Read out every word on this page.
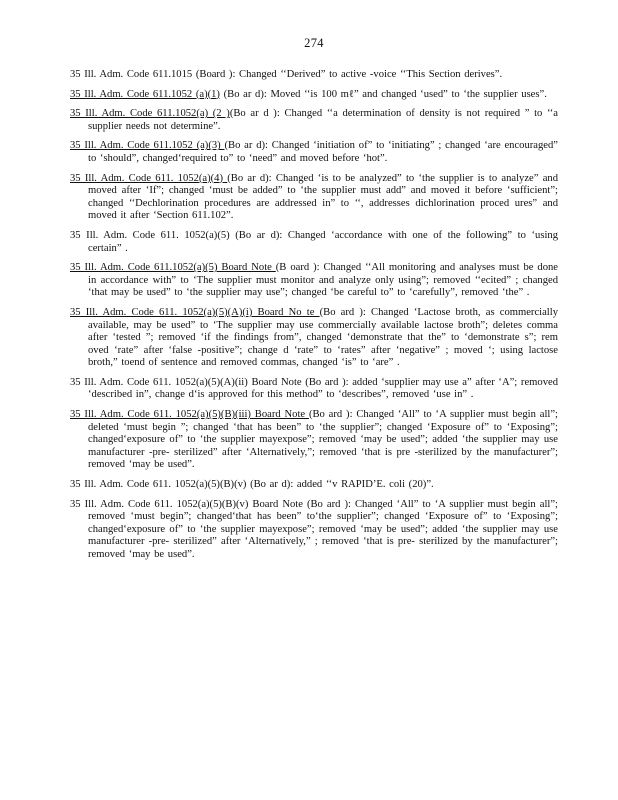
274
35 Ill. Adm. Code 611.1015 (Board ): Changed ‘‘Derived” to active -voice ‘‘This Section derives”.
35 Ill. Adm. Code 611.1052 (a)(1) (Bo ar d): Moved ‘‘is 100 mℓ” and changed ‘used” to ‘the supplier uses”.
35 Ill. Adm. Code 611.1052(a) (2 )(Bo ar d ): Changed ‘‘a determination of density is not required ” to ‘‘a supplier needs not determine”.
35 Ill. Adm. Code 611.1052 (a)(3) (Bo ar d): Changed ‘initiation of” to ‘initiating” ; changed ‘are encouraged” to ‘should”, changed‘required to” to ‘need” and moved before ‘hot”.
35 Ill. Adm. Code 611. 1052(a)(4) (Bo ar d): Changed ‘is to be analyzed” to ‘the supplier is to analyze” and moved after ‘If”; changed ‘must be added” to ‘the supplier must add” and moved it before ‘sufficient”; changed ‘‘Dechlorination procedures are addressed in” to ‘‘, addresses dichlorination proced ures” and moved it after ‘Section 611.102”.
35 Ill. Adm. Code 611. 1052(a)(5) (Bo ar d): Changed ‘accordance with one of the following” to ‘using certain” .
35 Ill. Adm. Code 611.1052(a)(5) Board Note (B oard ): Changed ‘‘All monitoring and analyses must be done in accordance with” to ‘The supplier must monitor and analyze only using”; removed ‘‘ecited” ; changed ‘that may be used” to ‘the supplier may use”; changed ‘be careful to” to ‘carefully”, removed ‘the” .
35 Ill. Adm. Code 611. 1052(a)(5)(A)(i) Board No te (Bo ard ): Changed ‘Lactose broth, as commercially available, may be used” to ‘The supplier may use commercially available lactose broth”; deletes comma after ‘tested ”; removed ‘if the findings from”, changed ‘demonstrate that the” to ‘demonstrate s”; rem oved ‘rate” after ‘false -positive”; change d ‘rate” to ‘rates” after ‘negative” ; moved ‘; using lactose broth,” toend of sentence and removed commas, changed ‘is” to ‘are” .
35 Ill. Adm. Code 611. 1052(a)(5)(A)(ii) Board Note (Bo ard ): added ‘supplier may use a” after ‘A”; removed ‘described in”, change d‘is approved for this method” to ‘describes”, removed ‘use in” .
35 Ill. Adm. Code 611. 1052(a)(5)(B)(iii) Board Note (Bo ard ): Changed ‘All” to ‘A supplier must begin all”; deleted ‘must begin ”; changed ‘that has been” to ‘the supplier”; changed ‘Exposure of” to ‘Exposing”; changed‘exposure of” to ‘the supplier mayexpose”; removed ‘may be used”; added ‘the supplier may use manufacturer -pre- sterilized” after ‘Alternatively,”; removed ‘that is pre -sterilized by the manufacturer”; removed ‘may be used”.
35 Ill. Adm. Code 611. 1052(a)(5)(B)(v) (Bo ar d): added ‘‘v RAPID’E. coli (20)”.
35 Ill. Adm. Code 611. 1052(a)(5)(B)(v) Board Note (Bo ard ): Changed ‘All” to ‘A supplier must begin all”; removed ‘must begin”; changed‘that has been” to‘the supplier”; changed ‘Exposure of” to ‘Exposing”; changed‘exposure of” to ‘the supplier mayexpose”; removed ‘may be used”; added ‘the supplier may use manufacturer -pre- sterilized” after ‘Alternatively,” ; removed ‘that is pre- sterilized by the manufacturer”; removed ‘may be used”.
